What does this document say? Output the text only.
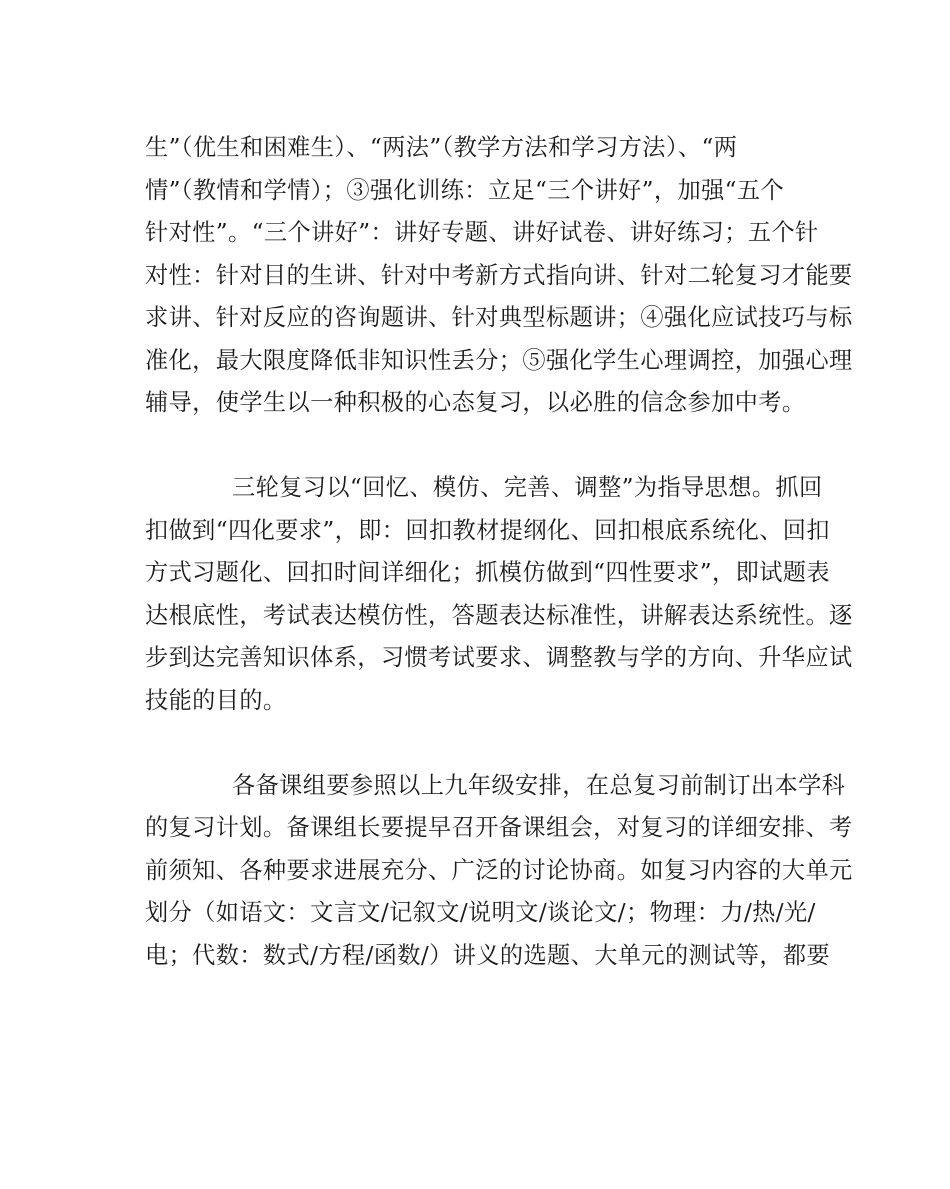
生”（优生和困难生）、“两法”（教学方法和学习方法）、“两
情”（教情和学情）；③强化训练：立足“三个讲好”，加强“五个
针对性”。“三个讲好”：讲好专题、讲好试卷、讲好练习；五个针
对性：针对目的生讲、针对中考新方式指向讲、针对二轮复习才能要
求讲、针对反应的咨询题讲、针对典型标题讲；④强化应试技巧与标
准化，最大限度降低非知识性丢分；⑤强化学生心理调控，加强心理
辅导，使学生以一种积极的心态复习，以必胜的信念参加中考。
三轮复习以“回忆、模仿、完善、调整”为指导思想。抓回
扣做到“四化要求”，即：回扣教材提纲化、回扣根底系统化、回扣
方式习题化、回扣时间详细化；抓模仿做到“四性要求”，即试题表
达根底性，考试表达模仿性，答题表达标准性，讲解表达系统性。逐
步到达完善知识体系，习惯考试要求、调整教与学的方向、升华应试
技能的目的。
各备课组要参照以上九年级安排，在总复习前制订出本学科
的复习计划。备课组长要提早召开备课组会，对复习的详细安排、考
前须知、各种要求进展充分、广泛的讨论协商。如复习内容的大单元
划分（如语文：文言文/记叙文/说明文/谈论文/；物理：力/热/光/
电；代数：数式/方程/函数/）讲义的选题、大单元的测试等，都要
